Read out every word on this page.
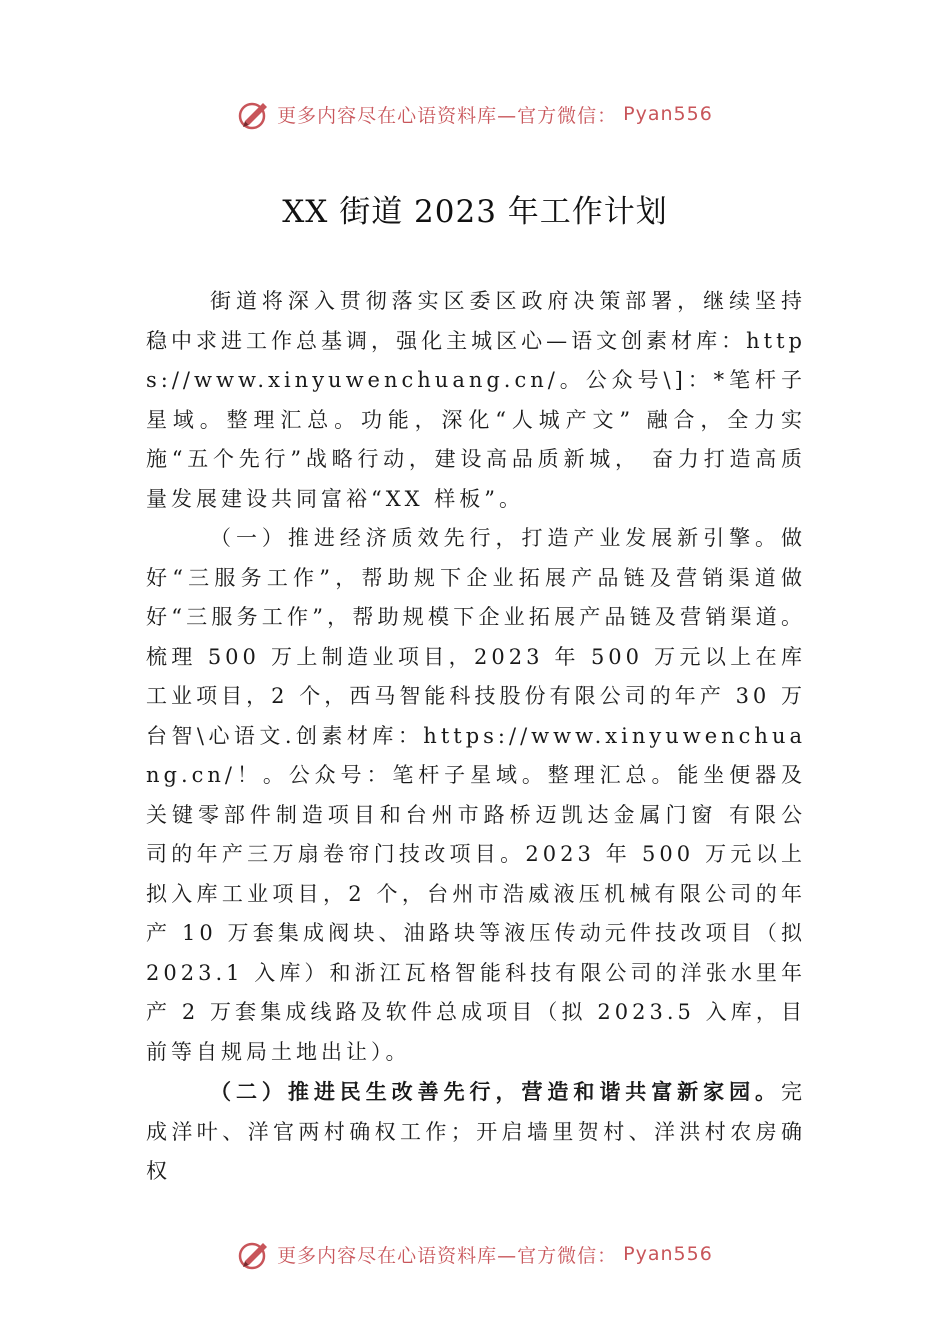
更多内容尽在心语资料库—官方微信： Pyan556
XX 街道 2023 年工作计划

街道将深入贯彻落实区委区政府决策部署，继续坚持稳中求进工作总基调，强化主城区心—语文创素材库：https://www.xinyuwenchuang.cn/。公众号\]：*笔杆子星域。整理汇总。功能，深化“人城产文” 融合，全力实施“五个先行”战略行动，建设高品质新城， 奋力打造高质量发展建设共同富裕“XX 样板”。

（一）推进经济质效先行，打造产业发展新引擎。做好“三服务工作”，帮助规下企业拓展产品链及营销渠道做好“三服务工作”，帮助规模下企业拓展产品链及营销渠道。梳理 500 万上制造业项目，2023 年 500 万元以上在库工业项目，2 个，西马智能科技股份有限公司的年产 30 万台智\心语文.创素材库：https://www.xinyuwenchuang.cn/！。公众号：笔杆子星域。整理汇总。能坐便器及关键零部件制造项目和台州市路桥迈凯达金属门窗 有限公司的年产三万扇卷帘门技改项目。2023 年 500 万元以上拟入库工业项目，2 个，台州市浩威液压机械有限公司的年产 10 万套集成阀块、油路块等液压传动元件技改项目（拟 2023.1 入库）和浙江瓦格智能科技有限公司的洋张水里年产 2 万套集成线路及软件总成项目（拟 2023.5 入库，目前等自规局土地出让）。

（二）推进民生改善先行，营造和谐共富新家园。完成洋叶、洋官两村确权工作；开启墙里贺村、洋洪村农房确权

更多内容尽在心语资料库—官方微信： Pyan556
